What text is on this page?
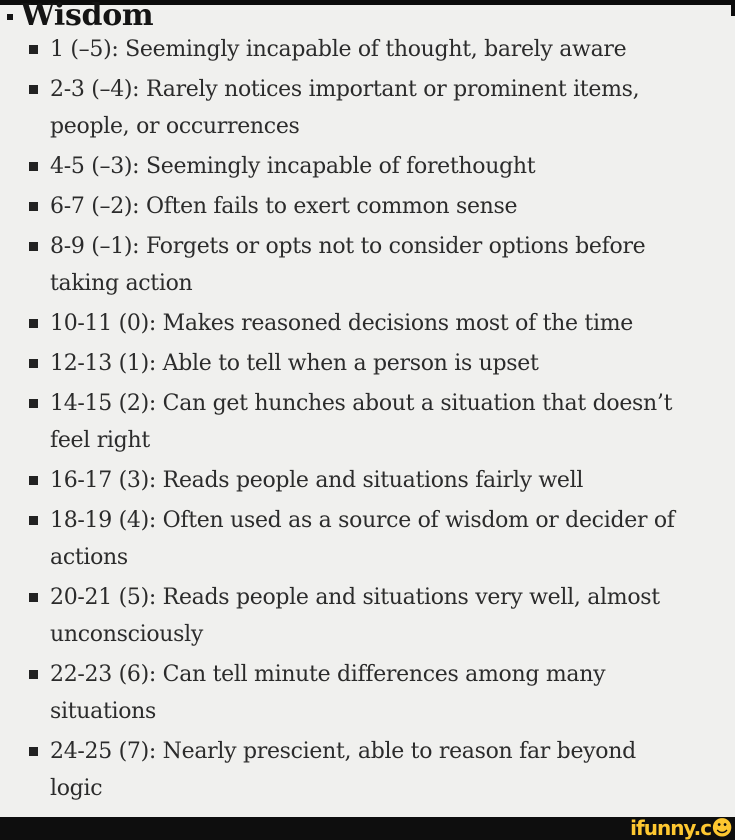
Wisdom
1 (–5): Seemingly incapable of thought, barely aware
2-3 (–4): Rarely notices important or prominent items,
people, or occurrences
4-5 (–3): Seemingly incapable of forethought
6-7 (–2): Often fails to exert common sense
8-9 (–1): Forgets or opts not to consider options before
taking action
10-11 (0): Makes reasoned decisions most of the time
12-13 (1): Able to tell when a person is upset
14-15 (2): Can get hunches about a situation that doesn’t
feel right
16-17 (3): Reads people and situations fairly well
18-19 (4): Often used as a source of wisdom or decider of
actions
20-21 (5): Reads people and situations very well, almost
unconsciously
22-23 (6): Can tell minute differences among many
situations
24-25 (7): Nearly prescient, able to reason far beyond
logic
ifunny.c☻
